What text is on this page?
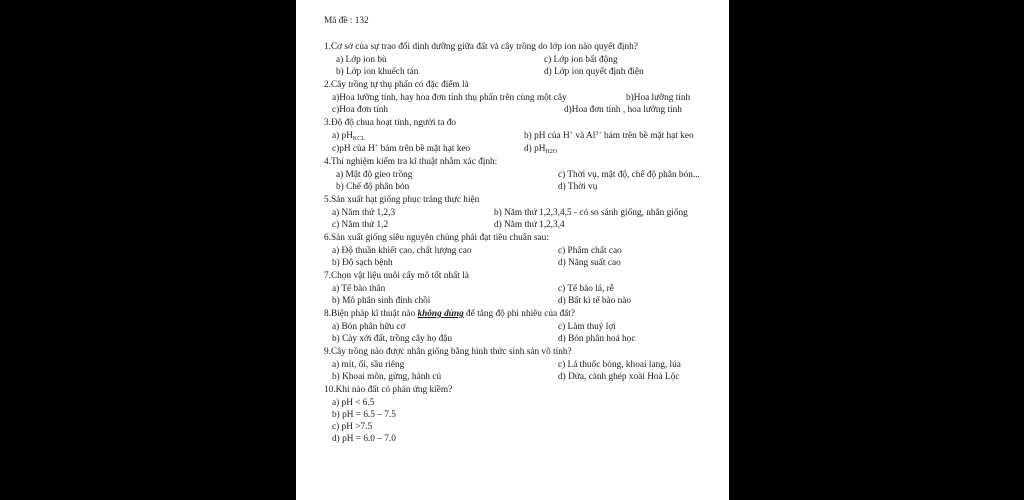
Mã đề : 132
1.Cơ sở của sự trao đổi dinh dưỡng giữa đất và cây trồng do lớp ion nào quyết định?
a) Lớp ion bù	c) Lớp ion bất động
b) Lớp ion khuếch tán	d) Lớp ion quyết định điện
2.Cây trồng tự thụ phấn có đặc điểm là
a)Hoa lưỡng tính, hay hoa đơn tính thụ phấn trên cùng một cây	b)Hoa lưỡng tính
c)Hoa đơn tính	d)Hoa đơn tính , hoa lưỡng tính
3.Độ độ chua hoạt tính, người ta đo
a) $pH_{KCL}$	b) pH của H+ và $Al^{3+}$ bám trên bề mặt hạt keo
c)pH của H+ bám trên bề mặt hạt keo	d) $pH_{H2O}$
4.Thí nghiệm kiểm tra kĩ thuật nhằm xác định:
a) Mật độ gieo trồng	c) Thời vụ, mật độ, chế độ phân bón...
b) Chế độ phân bón	d) Thời vụ
5.Sản xuất hạt giống phục tráng thực hiện
a) Năm thứ 1,2,3	b) Năm thứ 1,2,3,4,5 - có so sánh giống, nhân giống
c) Năm thứ 1,2	d) Năm thứ 1,2,3,4
6.Sản xuất giống siêu nguyên chủng phải đạt tiêu chuẩn sau:
a) Độ thuần khiết cao, chất lượng cao	c) Phẩm chất cao
b) Độ sạch bệnh	d) Năng suất cao
7.Chọn vật liệu nuôi cấy mô tốt nhất là
a) Tế bào thân	c) Tế bào lá, rễ
b) Mô phân sinh đỉnh chồi	d) Bất kì tế bào nào
8.Biện pháp kĩ thuật nào không dùng để tăng độ phì nhiêu của đất?
a) Bón phân hữu cơ	c) Làm thuỷ lợi
b) Cày xới đất, trồng cây họ đậu	d) Bón phân hoá học
9.Cây trồng nào được nhân giống bằng hình thức sinh sản vô tính?
a) mít, ổi, sầu riêng	c) Lá thuốc bỏng, khoai lang, lúa
b) Khoai môn, gừng, hành củ	d) Dứa, cành ghép xoài Hoà Lộc
10.Khi nào đất có phản ứng kiềm?
a) pH < 6.5
b) pH = 6.5 – 7.5
c) pH >7.5
d) pH = 6.0 – 7.0
